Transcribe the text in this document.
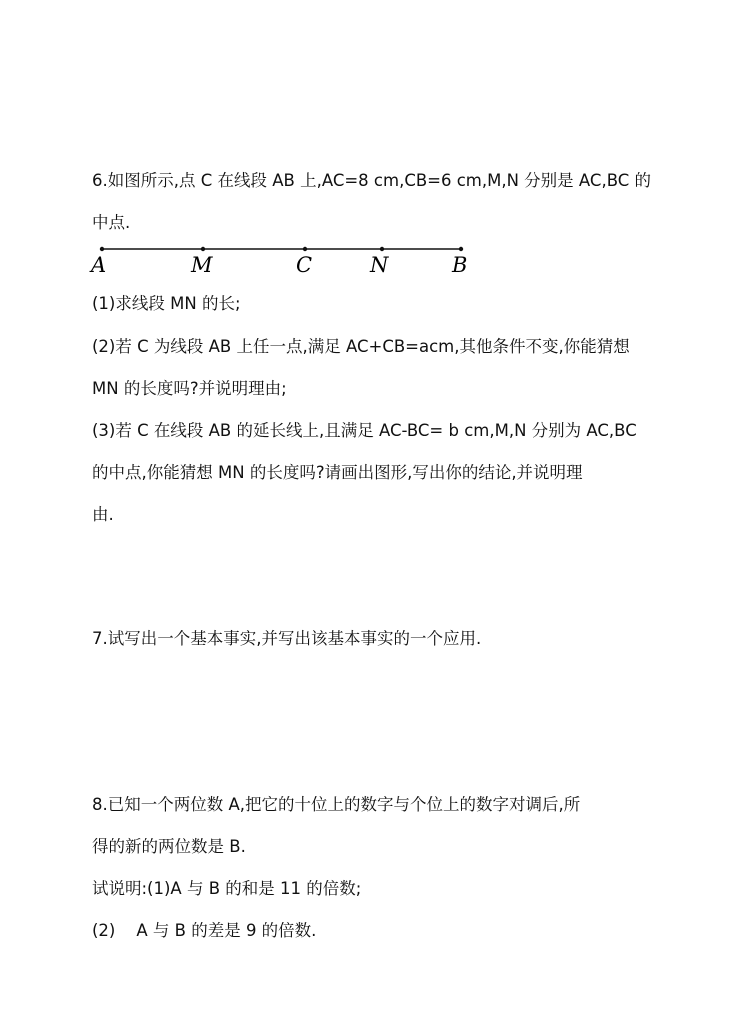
6.如图所示,点 C 在线段 AB 上,AC=8 cm,CB=6 cm,M,N 分别是 AC,BC 的
中点.
A	M	C	N	B
(1)求线段 MN 的长;
(2)若 C 为线段 AB 上任一点,满足 AC+CB=acm,其他条件不变,你能猜想
MN 的长度吗?并说明理由;
(3)若 C 在线段 AB 的延长线上,且满足 AC-BC= b cm,M,N 分别为 AC,BC
的中点,你能猜想 MN 的长度吗?请画出图形,写出你的结论,并说明理
由.
7.试写出一个基本事实,并写出该基本事实的一个应用.
8.已知一个两位数 A,把它的十位上的数字与个位上的数字对调后,所
得的新的两位数是 B.
试说明:(1)A 与 B 的和是 11 的倍数;
(2)    A 与 B 的差是 9 的倍数.
